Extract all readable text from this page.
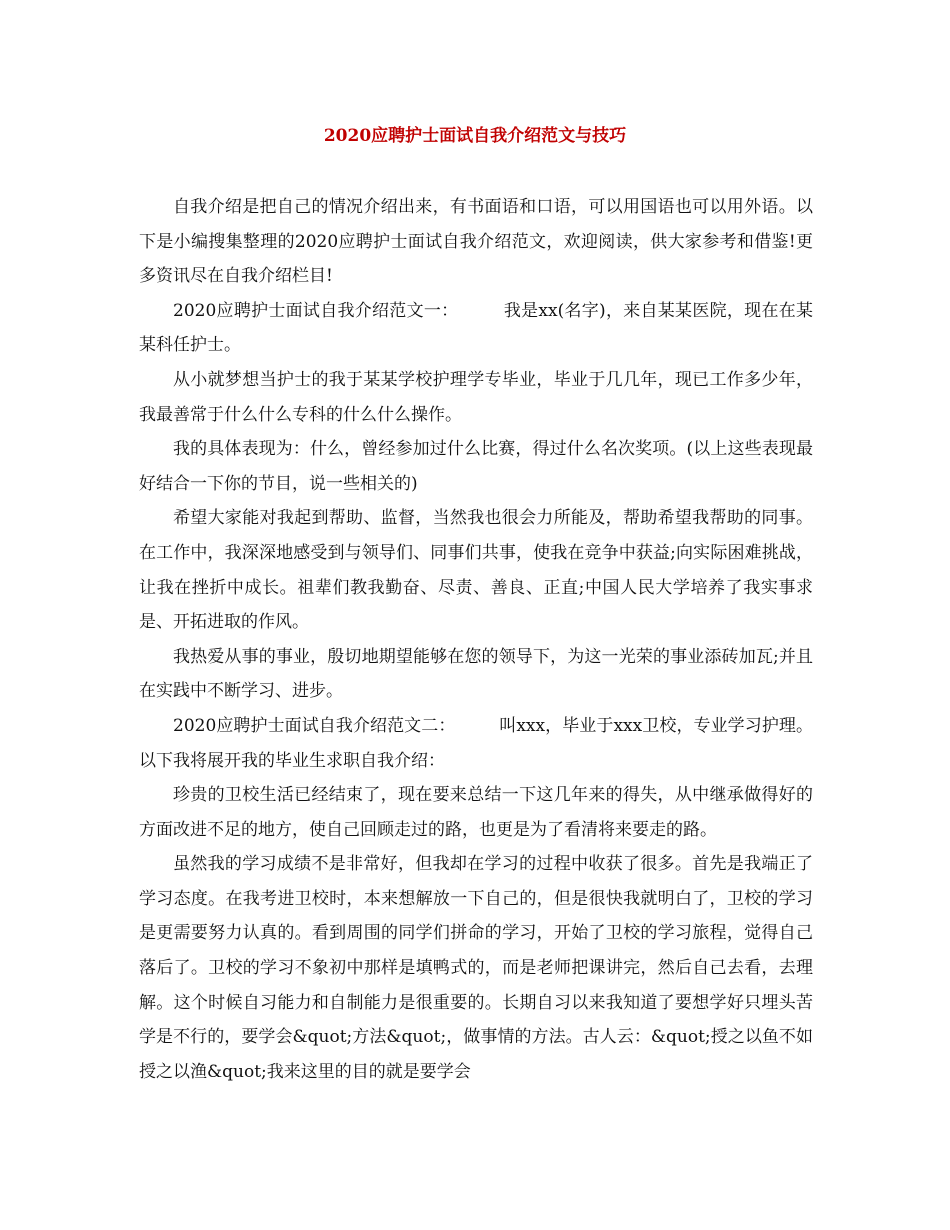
2020应聘护士面试自我介绍范文与技巧

自我介绍是把自己的情况介绍出来，有书面语和口语，可以用国语也可以用外语。以下是小编搜集整理的2020应聘护士面试自我介绍范文，欢迎阅读，供大家参考和借鉴!更多资讯尽在自我介绍栏目!

2020应聘护士面试自我介绍范文一：        我是xx(名字)，来自某某医院，现在在某某科任护士。

从小就梦想当护士的我于某某学校护理学专毕业，毕业于几几年，现已工作多少年，我最善常于什么什么专科的什么什么操作。

我的具体表现为：什么，曾经参加过什么比赛，得过什么名次奖项。(以上这些表现最好结合一下你的节目，说一些相关的)

希望大家能对我起到帮助、监督，当然我也很会力所能及，帮助希望我帮助的同事。在工作中，我深深地感受到与领导们、同事们共事，使我在竞争中获益;向实际困难挑战，让我在挫折中成长。祖辈们教我勤奋、尽责、善良、正直;中国人民大学培养了我实事求是、开拓进取的作风。

我热爱从事的事业，殷切地期望能够在您的领导下，为这一光荣的事业添砖加瓦;并且在实践中不断学习、进步。

2020应聘护士面试自我介绍范文二：        叫xxx，毕业于xxx卫校，专业学习护理。以下我将展开我的毕业生求职自我介绍：

珍贵的卫校生活已经结束了，现在要来总结一下这几年来的得失，从中继承做得好的方面改进不足的地方，使自己回顾走过的路，也更是为了看清将来要走的路。

虽然我的学习成绩不是非常好，但我却在学习的过程中收获了很多。首先是我端正了学习态度。在我考进卫校时，本来想解放一下自己的，但是很快我就明白了，卫校的学习是更需要努力认真的。看到周围的同学们拼命的学习，开始了卫校的学习旅程，觉得自己落后了。卫校的学习不象初中那样是填鸭式的，而是老师把课讲完，然后自己去看，去理解。这个时候自习能力和自制能力是很重要的。长期自习以来我知道了要想学好只埋头苦学是不行的，要学会&quot;方法&quot;，做事情的方法。古人云：&quot;授之以鱼不如授之以渔&quot;我来这里的目的就是要学会
